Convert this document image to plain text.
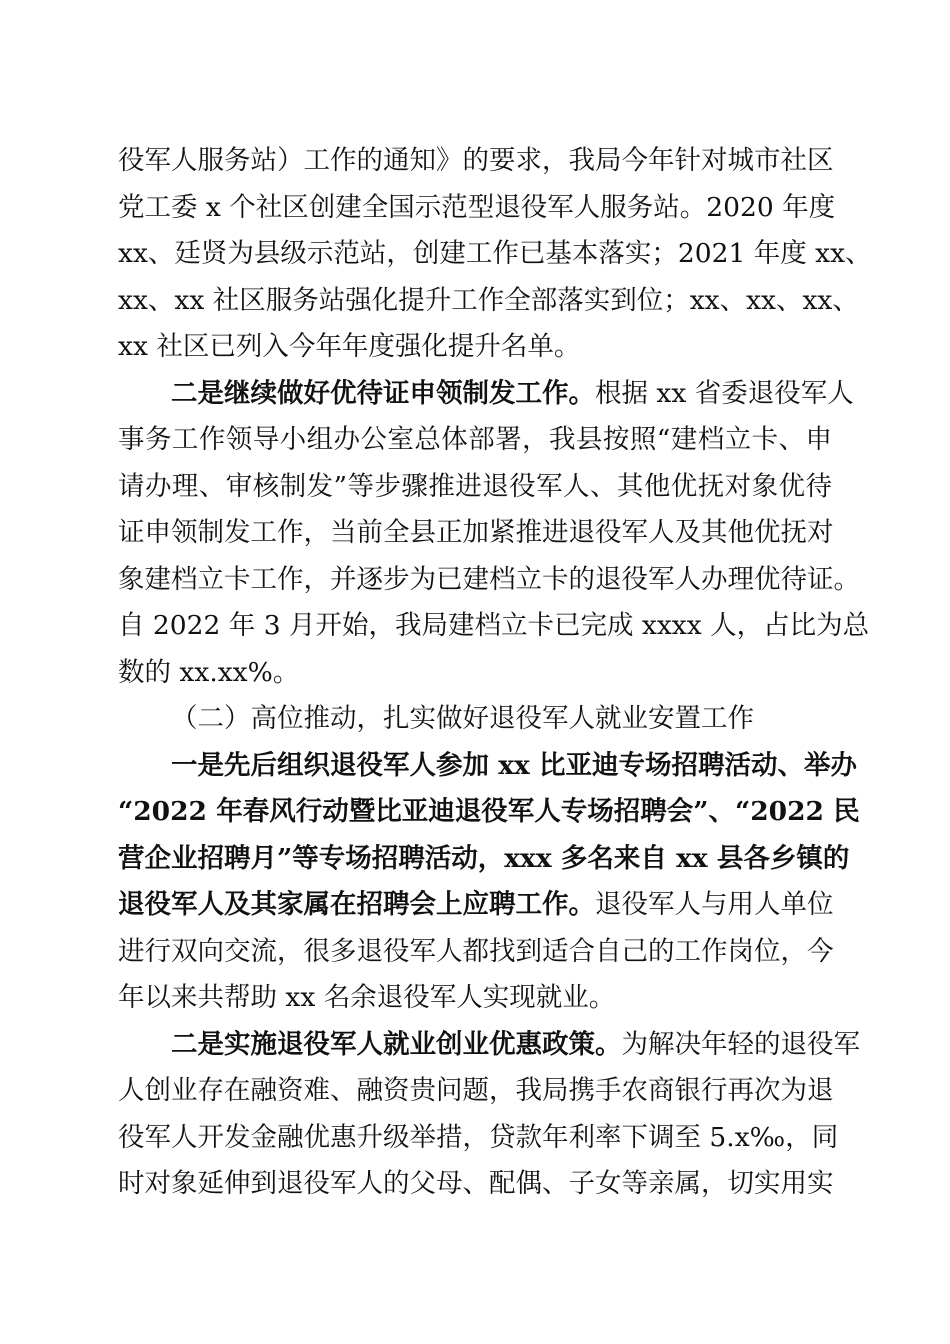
役军人服务站）工作的通知》的要求，我局今年针对城市社区
党工委 x 个社区创建全国示范型退役军人服务站。2020 年度
xx、廷贤为县级示范站，创建工作已基本落实；2021 年度 xx、
xx、xx 社区服务站强化提升工作全部落实到位；xx、xx、xx、
xx 社区已列入今年年度强化提升名单。
二是继续做好优待证申领制发工作。根据 xx 省委退役军人
事务工作领导小组办公室总体部署，我县按照“建档立卡、申
请办理、审核制发”等步骤推进退役军人、其他优抚对象优待
证申领制发工作，当前全县正加紧推进退役军人及其他优抚对
象建档立卡工作，并逐步为已建档立卡的退役军人办理优待证。
自 2022 年 3 月开始，我局建档立卡已完成 xxxx 人，占比为总
数的 xx.xx%。
（二）高位推动，扎实做好退役军人就业安置工作
一是先后组织退役军人参加 xx 比亚迪专场招聘活动、举办
“2022 年春风行动暨比亚迪退役军人专场招聘会”、“2022 民
营企业招聘月”等专场招聘活动，xxx 多名来自 xx 县各乡镇的
退役军人及其家属在招聘会上应聘工作。退役军人与用人单位
进行双向交流，很多退役军人都找到适合自己的工作岗位，今
年以来共帮助 xx 名余退役军人实现就业。
二是实施退役军人就业创业优惠政策。为解决年轻的退役军
人创业存在融资难、融资贵问题，我局携手农商银行再次为退
役军人开发金融优惠升级举措，贷款年利率下调至 5.x‰，同
时对象延伸到退役军人的父母、配偶、子女等亲属，切实用实
